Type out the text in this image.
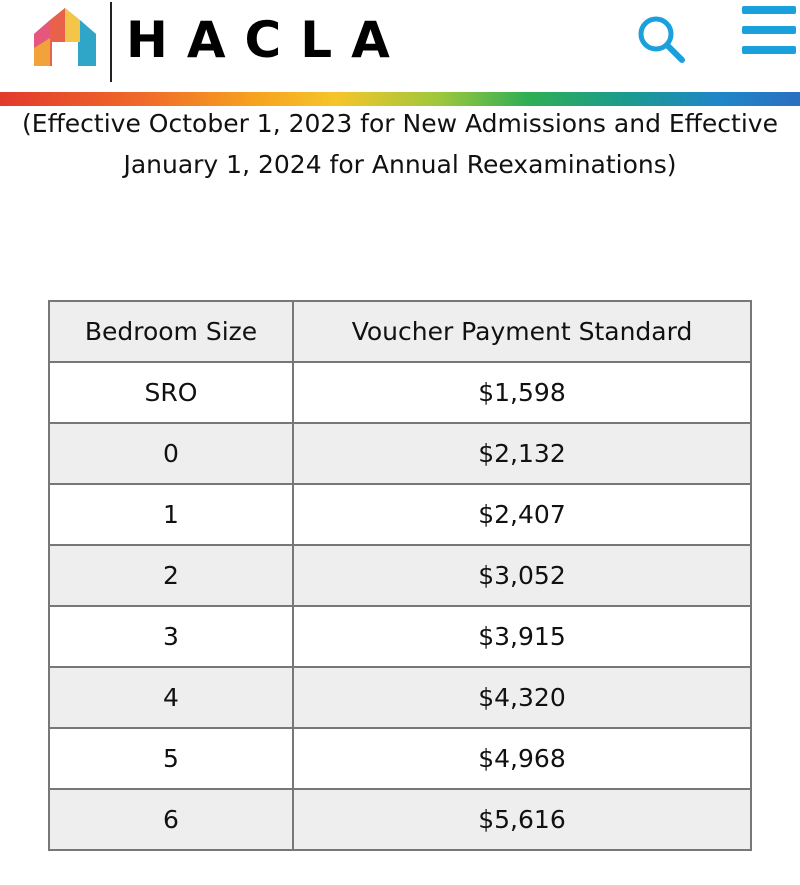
HACLA
(Effective October 1, 2023 for New Admissions and Effective January 1, 2024 for Annual Reexaminations)
Bedroom Size	Voucher Payment Standard
SRO	$1,598
0	$2,132
1	$2,407
2	$3,052
3	$3,915
4	$4,320
5	$4,968
6	$5,616
